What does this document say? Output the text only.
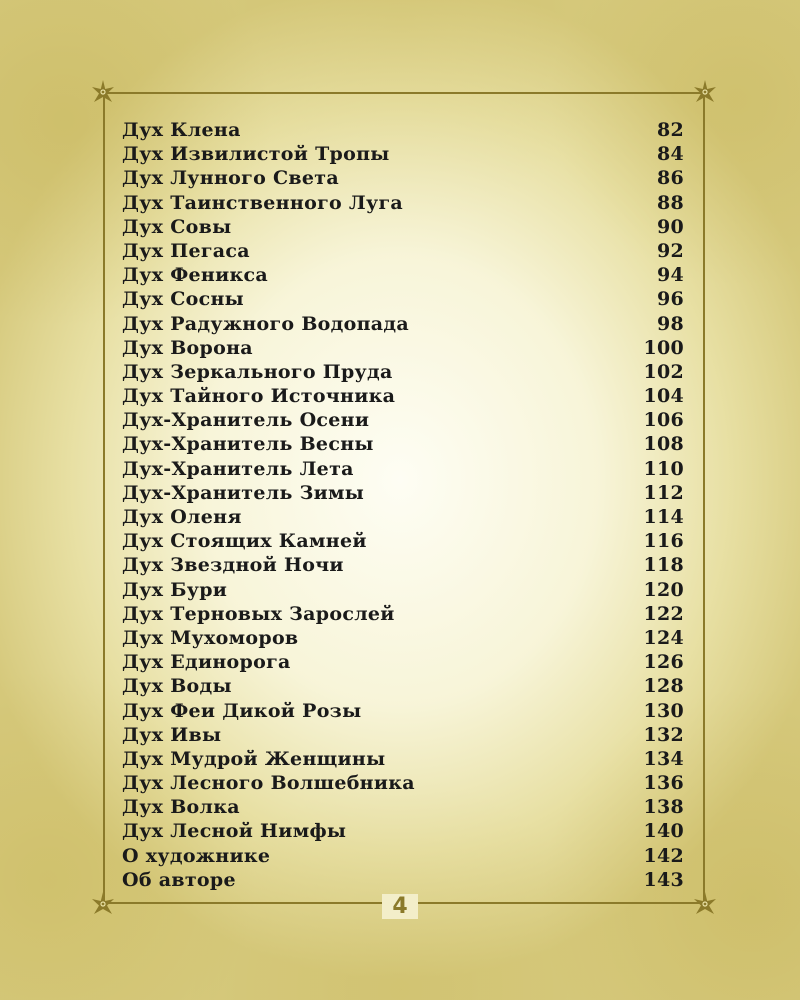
Дух Клена	82
Дух Извилистой Тропы	84
Дух Лунного Света	86
Дух Таинственного Луга	88
Дух Совы	90
Дух Пегаса	92
Дух Феникса	94
Дух Сосны	96
Дух Радужного Водопада	98
Дух Ворона	100
Дух Зеркального Пруда	102
Дух Тайного Источника	104
Дух-Хранитель Осени	106
Дух-Хранитель Весны	108
Дух-Хранитель Лета	110
Дух-Хранитель Зимы	112
Дух Оленя	114
Дух Стоящих Камней	116
Дух Звездной Ночи	118
Дух Бури	120
Дух Терновых Зарослей	122
Дух Мухоморов	124
Дух Единорога	126
Дух Воды	128
Дух Феи Дикой Розы	130
Дух Ивы	132
Дух Мудрой Женщины	134
Дух Лесного Волшебника	136
Дух Волка	138
Дух Лесной Нимфы	140
О художнике	142
Об авторе	143
4
